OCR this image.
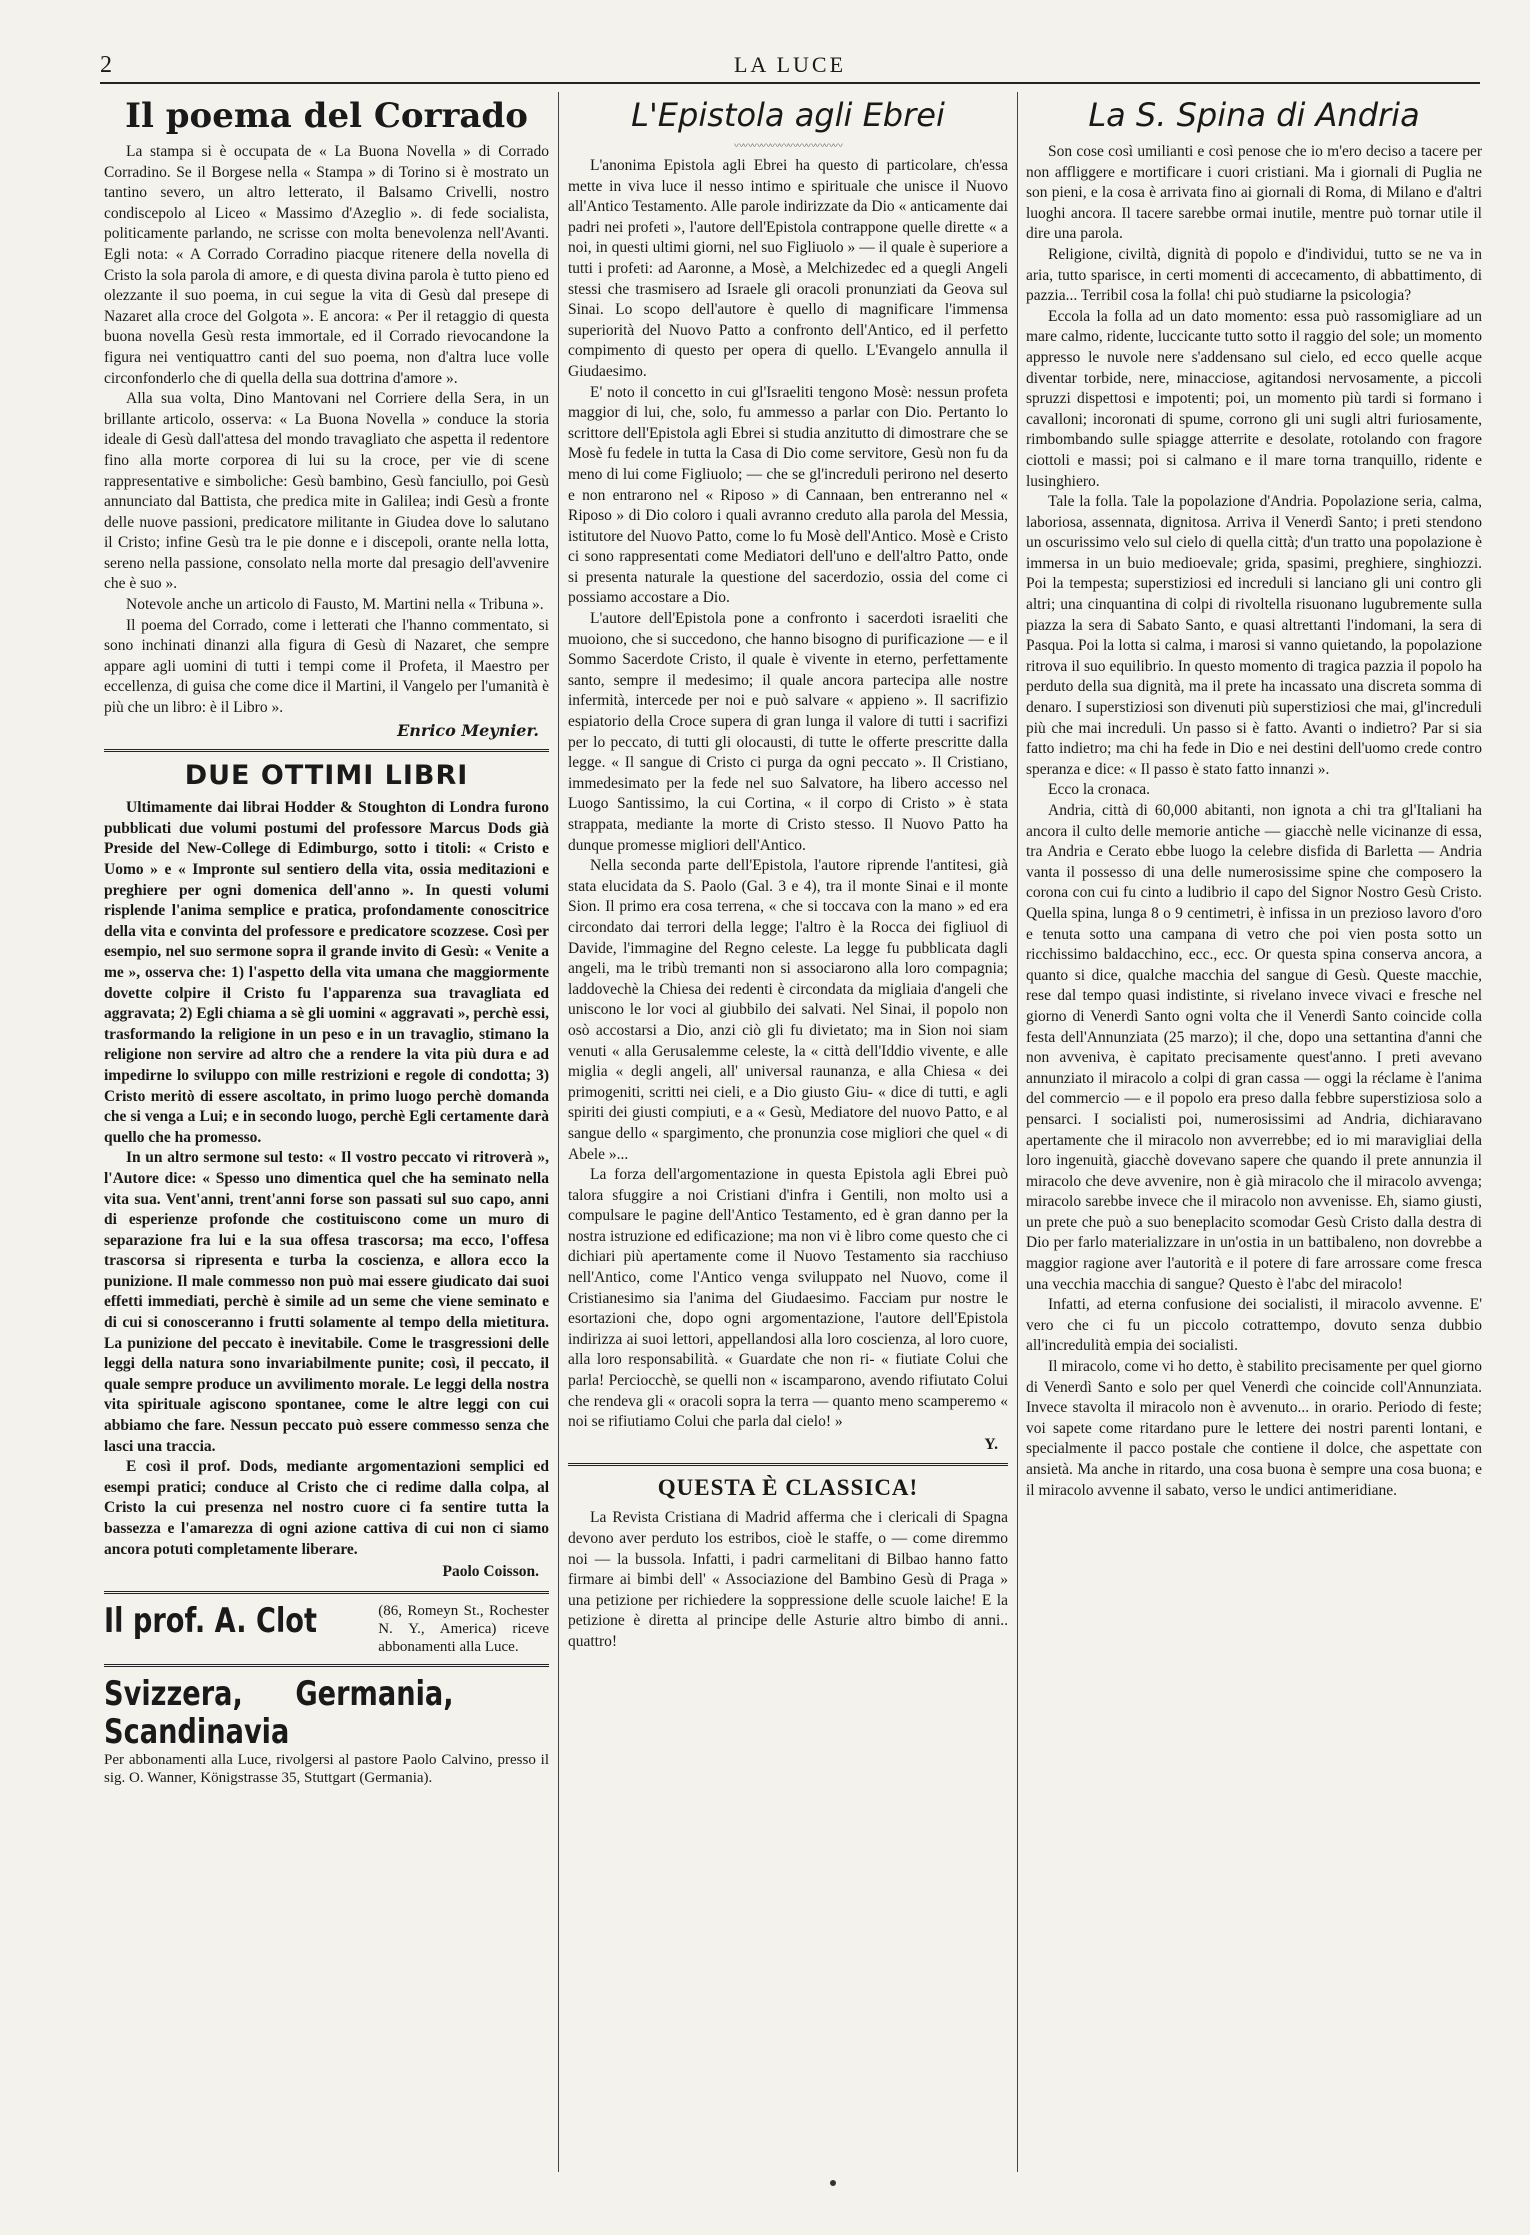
2	LA LUCE
Il poema del Corrado

La stampa si è occupata de « La Buona Novella » di Corrado Corradino. Se il Borgese nella « Stampa » di Torino si è mostrato un tantino severo, un altro letterato, il Balsamo Crivelli, nostro condiscepolo al Liceo « Massimo d'Azeglio ». di fede socialista, politicamente parlando, ne scrisse con molta benevolenza nell'Avanti. Egli nota: « A Corrado Corradino piacque ritenere della novella di Cristo la sola parola di amore, e di questa divina parola è tutto pieno ed olezzante il suo poema, in cui segue la vita di Gesù dal presepe di Nazaret alla croce del Golgota ». E ancora: « Per il retaggio di questa buona novella Gesù resta immortale, ed il Corrado rievocandone la figura nei ventiquattro canti del suo poema, non d'altra luce volle circonfonderlo che di quella della sua dottrina d'amore ».

Alla sua volta, Dino Mantovani nel Corriere della Sera, in un brillante articolo, osserva: « La Buona Novella » conduce la storia ideale di Gesù dall'attesa del mondo travagliato che aspetta il redentore fino alla morte corporea di lui su la croce, per vie di scene rappresentative e simboliche: Gesù bambino, Gesù fanciullo, poi Gesù annunciato dal Battista, che predica mite in Galilea; indi Gesù a fronte delle nuove passioni, predicatore militante in Giudea dove lo salutano il Cristo; infine Gesù tra le pie donne e i discepoli, orante nella lotta, sereno nella passione, consolato nella morte dal presagio dell'avvenire che è suo ».

Notevole anche un articolo di Fausto, M. Martini nella « Tribuna ».

Il poema del Corrado, come i letterati che l'hanno commentato, si sono inchinati dinanzi alla figura di Gesù di Nazaret, che sempre appare agli uomini di tutti i tempi come il Profeta, il Maestro per eccellenza, di guisa che come dice il Martini, il Vangelo per l'umanità è più che un libro: è il Libro ».

Enrico Meynier.
DUE OTTIMI LIBRI

Ultimamente dai librai Hodder & Stoughton di Londra furono pubblicati due volumi postumi del professore Marcus Dods già Preside del New-College di Edimburgo, sotto i titoli: « Cristo e Uomo » e « Impronte sul sentiero della vita, ossia meditazioni e preghiere per ogni domenica dell'anno ». In questi volumi risplende l'anima semplice e pratica, profondamente conoscitrice della vita e convinta del professore e predicatore scozzese. Così per esempio, nel suo sermone sopra il grande invito di Gesù: « Venite a me », osserva che: 1) l'aspetto della vita umana che maggiormente dovette colpire il Cristo fu l'apparenza sua travagliata ed aggravata; 2) Egli chiama a sè gli uomini « aggravati », perchè essi, trasformando la religione in un peso e in un travaglio, stimano la religione non servire ad altro che a rendere la vita più dura e ad impedirne lo sviluppo con mille restrizioni e regole di condotta; 3) Cristo meritò di essere ascoltato, in primo luogo perchè domanda che si venga a Lui; e in secondo luogo, perchè Egli certamente darà quello che ha promesso.

In un altro sermone sul testo: « Il vostro peccato vi ritroverà », l'Autore dice: « Spesso uno dimentica quel che ha seminato nella vita sua. Vent'anni, trent'anni forse son passati sul suo capo, anni di esperienze profonde che costituiscono come un muro di separazione fra lui e la sua offesa trascorsa; ma ecco, l'offesa trascorsa si ripresenta e turba la coscienza, e allora ecco la punizione. Il male commesso non può mai essere giudicato dai suoi effetti immediati, perchè è simile ad un seme che viene seminato e di cui si conosceranno i frutti solamente al tempo della mietitura. La punizione del peccato è inevitabile. Come le trasgressioni delle leggi della natura sono invariabilmente punite; così, il peccato, il quale sempre produce un avvilimento morale. Le leggi della nostra vita spirituale agiscono spontanee, come le altre leggi con cui abbiamo che fare. Nessun peccato può essere commesso senza che lasci una traccia.

E così il prof. Dods, mediante argomentazioni semplici ed esempi pratici; conduce al Cristo che ci redime dalla colpa, al Cristo la cui presenza nel nostro cuore ci fa sentire tutta la bassezza e l'amarezza di ogni azione cattiva di cui non ci siamo ancora potuti completamente liberare.

Paolo Coisson.
Il prof. A. Clot	(86, Romeyn St., Rochester N. Y., America) riceve abbonamenti alla Luce.
Svizzera, Germania, Scandinavia
Per abbonamenti alla Luce, rivolgersi al pastore Paolo Calvino, presso il sig. O. Wanner, Königstrasse 35, Stuttgart (Germania).
L'Epistola agli Ebrei
〰〰〰〰〰〰〰〰〰〰〰〰

L'anonima Epistola agli Ebrei ha questo di particolare, ch'essa mette in viva luce il nesso intimo e spirituale che unisce il Nuovo all'Antico Testamento. Alle parole indirizzate da Dio « anticamente dai padri nei profeti », l'autore dell'Epistola contrappone quelle dirette « a noi, in questi ultimi giorni, nel suo Figliuolo » — il quale è superiore a tutti i profeti: ad Aaronne, a Mosè, a Melchizedec ed a quegli Angeli stessi che trasmisero ad Israele gli oracoli pronunziati da Geova sul Sinai. Lo scopo dell'autore è quello di magnificare l'immensa superiorità del Nuovo Patto a confronto dell'Antico, ed il perfetto compimento di questo per opera di quello. L'Evangelo annulla il Giudaesimo.

E' noto il concetto in cui gl'Israeliti tengono Mosè: nessun profeta maggior di lui, che, solo, fu ammesso a parlar con Dio. Pertanto lo scrittore dell'Epistola agli Ebrei si studia anzitutto di dimostrare che se Mosè fu fedele in tutta la Casa di Dio come servitore, Gesù non fu da meno di lui come Figliuolo; — che se gl'increduli perirono nel deserto e non entrarono nel « Riposo » di Cannaan, ben entreranno nel « Riposo » di Dio coloro i quali avranno creduto alla parola del Messia, istitutore del Nuovo Patto, come lo fu Mosè dell'Antico. Mosè e Cristo ci sono rappresentati come Mediatori dell'uno e dell'altro Patto, onde si presenta naturale la questione del sacerdozio, ossia del come ci possiamo accostare a Dio.

L'autore dell'Epistola pone a confronto i sacerdoti israeliti che muoiono, che si succedono, che hanno bisogno di purificazione — e il Sommo Sacerdote Cristo, il quale è vivente in eterno, perfettamente santo, sempre il medesimo; il quale ancora partecipa alle nostre infermità, intercede per noi e può salvare « appieno ». Il sacrifizio espiatorio della Croce supera di gran lunga il valore di tutti i sacrifizi per lo peccato, di tutti gli olocausti, di tutte le offerte prescritte dalla legge. « Il sangue di Cristo ci purga da ogni peccato ». Il Cristiano, immedesimato per la fede nel suo Salvatore, ha libero accesso nel Luogo Santissimo, la cui Cortina, « il corpo di Cristo » è stata strappata, mediante la morte di Cristo stesso. Il Nuovo Patto ha dunque promesse migliori dell'Antico.

Nella seconda parte dell'Epistola, l'autore riprende l'antitesi, già stata elucidata da S. Paolo (Gal. 3 e 4), tra il monte Sinai e il monte Sion. Il primo era cosa terrena, « che si toccava con la mano » ed era circondato dai terrori della legge; l'altro è la Rocca dei figliuol di Davide, l'immagine del Regno celeste. La legge fu pubblicata dagli angeli, ma le tribù tremanti non si associarono alla loro compagnia; laddovechè la Chiesa dei redenti è circondata da migliaia d'angeli che uniscono le lor voci al giubbilo dei salvati. Nel Sinai, il popolo non osò accostarsi a Dio, anzi ciò gli fu divietato; ma in Sion noi siam venuti « alla Gerusalemme celeste, la « città dell'Iddio vivente, e alle miglia « degli angeli, all' universal raunanza, e alla Chiesa « dei primogeniti, scritti nei cieli, e a Dio giusto Giu- « dice di tutti, e agli spiriti dei giusti compiuti, e a « Gesù, Mediatore del nuovo Patto, e al sangue dello « spargimento, che pronunzia cose migliori che quel « di Abele »...

La forza dell'argomentazione in questa Epistola agli Ebrei può talora sfuggire a noi Cristiani d'infra i Gentili, non molto usi a compulsare le pagine dell'Antico Testamento, ed è gran danno per la nostra istruzione ed edificazione; ma non vi è libro come questo che ci dichiari più apertamente come il Nuovo Testamento sia racchiuso nell'Antico, come l'Antico venga sviluppato nel Nuovo, come il Cristianesimo sia l'anima del Giudaesimo. Facciam pur nostre le esortazioni che, dopo ogni argomentazione, l'autore dell'Epistola indirizza ai suoi lettori, appellandosi alla loro coscienza, al loro cuore, alla loro responsabilità. « Guardate che non ri- « fiutiate Colui che parla! Perciocchè, se quelli non « iscamparono, avendo rifiutato Colui che rendeva gli « oracoli sopra la terra — quanto meno scamperemo « noi se rifiutiamo Colui che parla dal cielo! »

Y.
QUESTA È CLASSICA!

La Revista Cristiana di Madrid afferma che i clericali di Spagna devono aver perduto los estribos, cioè le staffe, o — come diremmo noi — la bussola. Infatti, i padri carmelitani di Bilbao hanno fatto firmare ai bimbi dell' « Associazione del Bambino Gesù di Praga » una petizione per richiedere la soppressione delle scuole laiche! E la petizione è diretta al principe delle Asturie altro bimbo di anni.. quattro!

La S. Spina di Andria

Son cose così umilianti e così penose che io m'ero deciso a tacere per non affliggere e mortificare i cuori cristiani. Ma i giornali di Puglia ne son pieni, e la cosa è arrivata fino ai giornali di Roma, di Milano e d'altri luoghi ancora. Il tacere sarebbe ormai inutile, mentre può tornar utile il dire una parola.

Religione, civiltà, dignità di popolo e d'individui, tutto se ne va in aria, tutto sparisce, in certi momenti di accecamento, di abbattimento, di pazzia... Terribil cosa la folla! chi può studiarne la psicologia?

Eccola la folla ad un dato momento: essa può rassomigliare ad un mare calmo, ridente, luccicante tutto sotto il raggio del sole; un momento appresso le nuvole nere s'addensano sul cielo, ed ecco quelle acque diventar torbide, nere, minacciose, agitandosi nervosamente, a piccoli spruzzi dispettosi e impotenti; poi, un momento più tardi si formano i cavalloni; incoronati di spume, corrono gli uni sugli altri furiosamente, rimbombando sulle spiagge atterrite e desolate, rotolando con fragore ciottoli e massi; poi si calmano e il mare torna tranquillo, ridente e lusinghiero.

Tale la folla. Tale la popolazione d'Andria. Popolazione seria, calma, laboriosa, assennata, dignitosa. Arriva il Venerdì Santo; i preti stendono un oscurissimo velo sul cielo di quella città; d'un tratto una popolazione è immersa in un buio medioevale; grida, spasimi, preghiere, singhiozzi. Poi la tempesta; superstiziosi ed increduli si lanciano gli uni contro gli altri; una cinquantina di colpi di rivoltella risuonano lugubremente sulla piazza la sera di Sabato Santo, e quasi altrettanti l'indomani, la sera di Pasqua. Poi la lotta si calma, i marosi si vanno quietando, la popolazione ritrova il suo equilibrio. In questo momento di tragica pazzia il popolo ha perduto della sua dignità, ma il prete ha incassato una discreta somma di denaro. I superstiziosi son divenuti più superstiziosi che mai, gl'increduli più che mai increduli. Un passo si è fatto. Avanti o indietro? Par si sia fatto indietro; ma chi ha fede in Dio e nei destini dell'uomo crede contro speranza e dice: « Il passo è stato fatto innanzi ».

Ecco la cronaca.

Andria, città di 60,000 abitanti, non ignota a chi tra gl'Italiani ha ancora il culto delle memorie antiche — giacchè nelle vicinanze di essa, tra Andria e Cerato ebbe luogo la celebre disfida di Barletta — Andria vanta il possesso di una delle numerosissime spine che composero la corona con cui fu cinto a ludibrio il capo del Signor Nostro Gesù Cristo. Quella spina, lunga 8 o 9 centimetri, è infissa in un prezioso lavoro d'oro e tenuta sotto una campana di vetro che poi vien posta sotto un ricchissimo baldacchino, ecc., ecc. Or questa spina conserva ancora, a quanto si dice, qualche macchia del sangue di Gesù. Queste macchie, rese dal tempo quasi indistinte, si rivelano invece vivaci e fresche nel giorno di Venerdì Santo ogni volta che il Venerdì Santo coincide colla festa dell'Annunziata (25 marzo); il che, dopo una settantina d'anni che non avveniva, è capitato precisamente quest'anno. I preti avevano annunziato il miracolo a colpi di gran cassa — oggi la réclame è l'anima del commercio — e il popolo era preso dalla febbre superstiziosa solo a pensarci. I socialisti poi, numerosissimi ad Andria, dichiaravano apertamente che il miracolo non avverrebbe; ed io mi maravigliai della loro ingenuità, giacchè dovevano sapere che quando il prete annunzia il miracolo che deve avvenire, non è già miracolo che il miracolo avvenga; miracolo sarebbe invece che il miracolo non avvenisse. Eh, siamo giusti, un prete che può a suo beneplacito scomodar Gesù Cristo dalla destra di Dio per farlo materializzare in un'ostia in un battibaleno, non dovrebbe a maggior ragione aver l'autorità e il potere di fare arrossare come fresca una vecchia macchia di sangue? Questo è l'abc del miracolo!

Infatti, ad eterna confusione dei socialisti, il miracolo avvenne. E' vero che ci fu un piccolo cotrattempo, dovuto senza dubbio all'incredulità empia dei socialisti.

Il miracolo, come vi ho detto, è stabilito precisamente per quel giorno di Venerdì Santo e solo per quel Venerdì che coincide coll'Annunziata. Invece stavolta il miracolo non è avvenuto... in orario. Periodo di feste; voi sapete come ritardano pure le lettere dei nostri parenti lontani, e specialmente il pacco postale che contiene il dolce, che aspettate con ansietà. Ma anche in ritardo, una cosa buona è sempre una cosa buona; e il miracolo avvenne il sabato, verso le undici antimeridiane.
